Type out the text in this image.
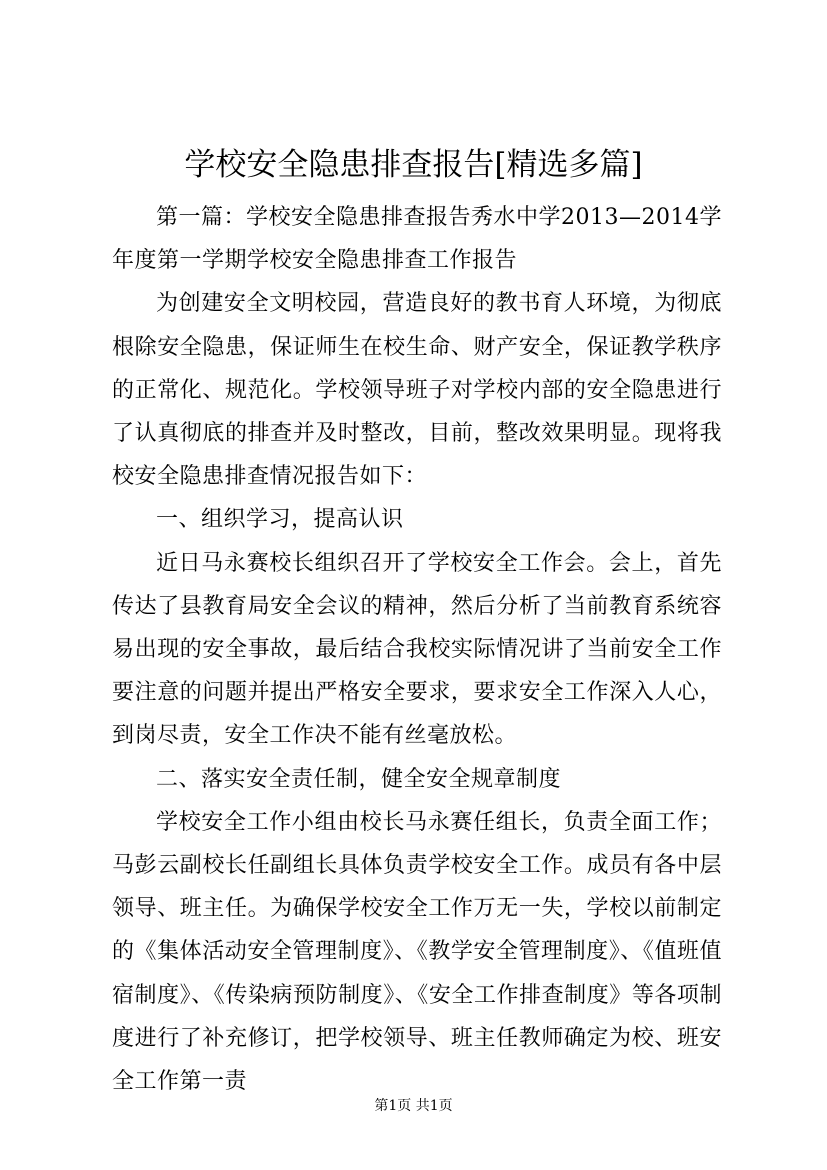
学校安全隐患排查报告[精选多篇]

第一篇：学校安全隐患排查报告秀水中学2013—2014学年度第一学期学校安全隐患排查工作报告

为创建安全文明校园，营造良好的教书育人环境，为彻底根除安全隐患，保证师生在校生命、财产安全，保证教学秩序的正常化、规范化。学校领导班子对学校内部的安全隐患进行了认真彻底的排查并及时整改，目前，整改效果明显。现将我校安全隐患排查情况报告如下：

一、组织学习，提高认识

近日马永赛校长组织召开了学校安全工作会。会上，首先传达了县教育局安全会议的精神，然后分析了当前教育系统容易出现的安全事故，最后结合我校实际情况讲了当前安全工作要注意的问题并提出严格安全要求，要求安全工作深入人心，到岗尽责，安全工作决不能有丝毫放松。

二、落实安全责任制，健全安全规章制度

学校安全工作小组由校长马永赛任组长，负责全面工作；马彭云副校长任副组长具体负责学校安全工作。成员有各中层领导、班主任。为确保学校安全工作万无一失，学校以前制定的《集体活动安全管理制度》、《教学安全管理制度》、《值班值宿制度》、《传染病预防制度》、《安全工作排查制度》等各项制度进行了补充修订，把学校领导、班主任教师确定为校、班安全工作第一责

第1页 共1页
